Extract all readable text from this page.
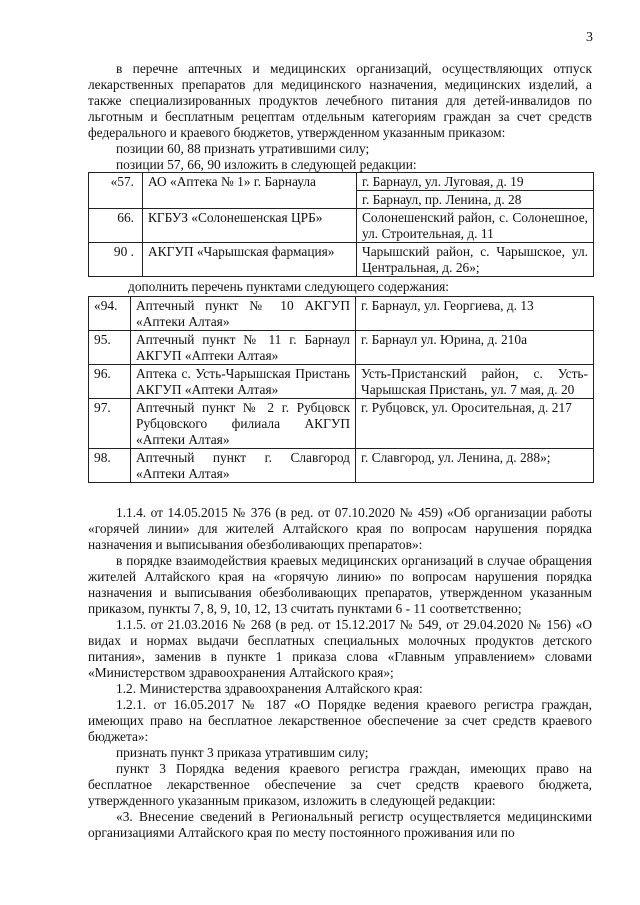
3

в перечне аптечных и медицинских организаций, осуществляющих отпуск лекарственных препаратов для медицинского назначения, медицинских изделий, а также специализированных продуктов лечебного питания для детей-инвалидов по льготным и бесплатным рецептам отдельным категориям граждан за счет средств федерального и краевого бюджетов, утвержденном указанным приказом:

позиции 60, 88 признать утратившими силу;

позиции 57, 66, 90 изложить в следующей редакции:

«57.	АО «Аптека № 1» г. Барнаула	г. Барнаул, ул. Луговая, д. 19
		г. Барнаул, пр. Ленина, д. 28
66.	КГБУЗ «Солонешенская ЦРБ»	Солонешенский район, с. Солонешное, ул. Строительная, д. 11
90 .	АКГУП «Чарышская фармация»	Чарышский район, с. Чарышское, ул. Центральная, д. 26»;

дополнить перечень пунктами следующего содержания:

«94.	Аптечный пункт № 10 АКГУП «Аптеки Алтая»	г. Барнаул, ул. Георгиева, д. 13
95.	Аптечный пункт № 11 г. Барнаул АКГУП «Аптеки Алтая»	г. Барнаул ул. Юрина, д. 210а
96.	Аптека с. Усть-Чарышская Пристань АКГУП «Аптеки Алтая»	Усть-Пристанский район, с. Усть-Чарышская Пристань, ул. 7 мая, д. 20
97.	Аптечный пункт № 2 г. Рубцовск Рубцовского филиала АКГУП «Аптеки Алтая»	г. Рубцовск, ул. Оросительная, д. 217
98.	Аптечный пункт г. Славгород «Аптеки Алтая»	г. Славгород, ул. Ленина, д. 288»;

1.1.4. от 14.05.2015 № 376 (в ред. от 07.10.2020 № 459) «Об организации работы «горячей линии» для жителей Алтайского края по вопросам нарушения порядка назначения и выписывания обезболивающих препаратов»:

в порядке взаимодействия краевых медицинских организаций в случае обращения жителей Алтайского края на «горячую линию» по вопросам нарушения порядка назначения и выписывания обезболивающих препаратов, утвержденном указанным приказом, пункты 7, 8, 9, 10, 12, 13 считать пунктами 6 - 11 соответственно;

1.1.5. от 21.03.2016 № 268 (в ред. от 15.12.2017 № 549, от 29.04.2020 № 156) «О видах и нормах выдачи бесплатных специальных молочных продуктов детского питания», заменив в пункте 1 приказа слова «Главным управлением» словами «Министерством здравоохранения Алтайского края»;

1.2. Министерства здравоохранения Алтайского края:

1.2.1. от 16.05.2017 № 187 «О Порядке ведения краевого регистра граждан, имеющих право на бесплатное лекарственное обеспечение за счет средств краевого бюджета»:

признать пункт 3 приказа утратившим силу;

пункт 3 Порядка ведения краевого регистра граждан, имеющих право на бесплатное лекарственное обеспечение за счет средств краевого бюджета, утвержденного указанным приказом, изложить в следующей редакции:

«3. Внесение сведений в Региональный регистр осуществляется медицинскими организациями Алтайского края по месту постоянного проживания или по
